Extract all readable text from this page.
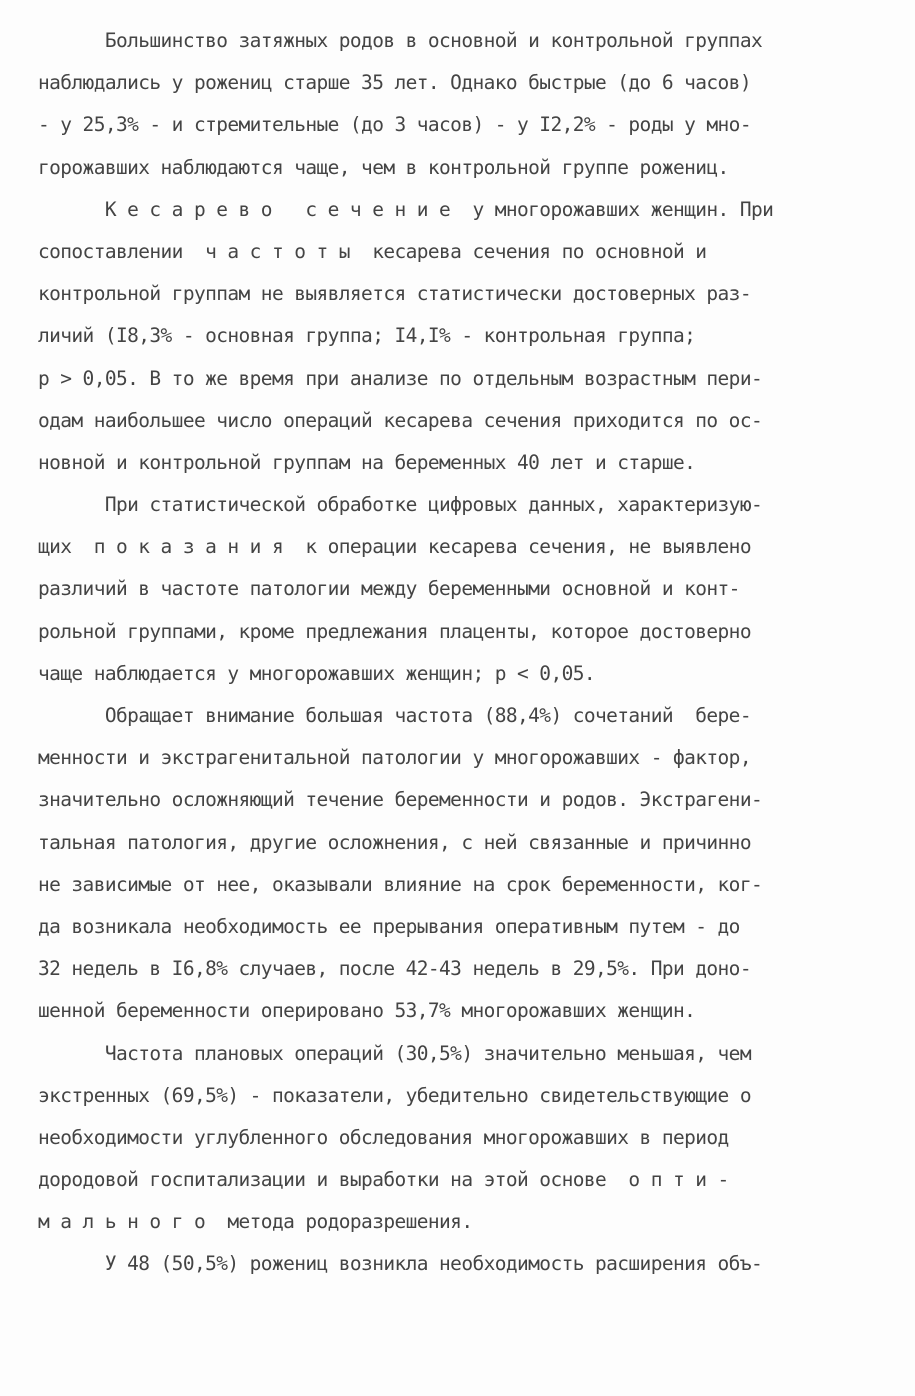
Большинство затяжных родов в основной и контрольной группах
наблюдались у рожениц старше 35 лет. Однако быстрые (до 6 часов)
- у 25,3% - и стремительные (до 3 часов) - у I2,2% - роды у мно-
горожавших наблюдаются чаще, чем в контрольной группе рожениц.
К е с а р е в о   с е ч е н и е  у многорожавших женщин. При
сопоставлении  ч а с т о т ы  кесарева сечения по основной и
контрольной группам не выявляется статистически достоверных раз-
личий (I8,3% - основная группа; I4,I% - контрольная группа;
p > 0,05. В то же время при анализе по отдельным возрастным пери-
одам наибольшее число операций кесарева сечения приходится по ос-
новной и контрольной группам на беременных 40 лет и старше.
При статистической обработке цифровых данных, характеризую-
щих  п о к а з а н и я  к операции кесарева сечения, не выявлено
различий в частоте патологии между беременными основной и конт-
рольной группами, кроме предлежания плаценты, которое достоверно
чаще наблюдается у многорожавших женщин; p < 0,05.
Обращает внимание большая частота (88,4%) сочетаний  бере-
менности и экстрагенитальной патологии у многорожавших - фактор,
значительно осложняющий течение беременности и родов. Экстрагени-
тальная патология, другие осложнения, с ней связанные и причинно
не зависимые от нее, оказывали влияние на срок беременности, ког-
да возникала необходимость ее прерывания оперативным путем - до
32 недель в I6,8% случаев, после 42-43 недель в 29,5%. При доно-
шенной беременности оперировано 53,7% многорожавших женщин.
Частота плановых операций (30,5%) значительно меньшая, чем
экстренных (69,5%) - показатели, убедительно свидетельствующие о
необходимости углубленного обследования многорожавших в период
дородовой госпитализации и выработки на этой основе  о п т и -
м а л ь н о г о  метода родоразрешения.
У 48 (50,5%) рожениц возникла необходимость расширения объ-
